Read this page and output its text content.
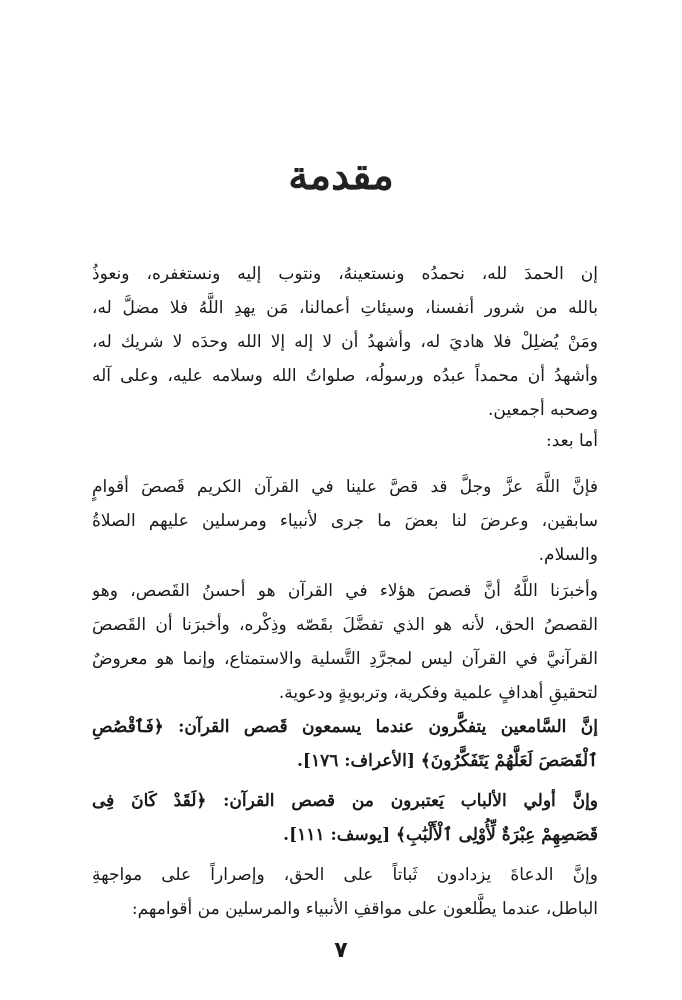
مقدمة
إن الحمدَ لله، نحمدُه ونستعينهُ، ونتوب إليه ونستغفره، ونعوذُ
بالله من شرور أنفسنا، وسيئاتِ أعمالنا، مَن يهدِ اللَّهُ فلا مضلَّ له،
ومَنْ يُضلِلْ فلا هاديَ له، وأشهدُ أن لا إله إلا الله وحدَه لا شريك له،
وأشهدُ أن محمداً عبدُه ورسولُه، صلواتُ الله وسلامه عليه، وعلى آله
وصحبه أجمعين.
أما بعد:
فإنَّ اللَّهَ عزَّ وجلَّ قد قصَّ علينا في القرآن الكريم قَصصَ أقوامٍ
سابقين، وعرضَ لنا بعضَ ما جرى لأنبياء ومرسلين عليهم الصلاةُ
والسلام.
وأخبرَنا اللَّهُ أنَّ قصصَ هؤلاء في القرآن هو أحسنُ القَصص، وهو
القصصُ الحق، لأنه هو الذي تفضَّلَ بقَصّه وذِكْره، وأخبرَنا أن القَصصَ
القرآنيَّ في القرآن ليس لمجرَّدِ التَّسلية والاستمتاع، وإنما هو معروضٌ
لتحقيقِ أهدافٍ علمية وفكرية، وتربويةٍ ودعوية.
إنَّ السَّامعين يتفكَّرون عندما يسمعون قَصص القرآن: ﴿فَٱقْصُصِ
ٱلْقَصَصَ لَعَلَّهُمْ يَتَفَكَّرُونَ﴾ [الأعراف: ١٧٦].
وإنَّ أولي الألباب يَعتبرون من قصص القرآن: ﴿لَقَدْ كَانَ فِى
قَصَصِهِمْ عِبْرَةٌ لِّأُوْلِى ٱلْأَلْبَٰبِ﴾ [يوسف: ١١١].
وإنَّ الدعاةَ يزدادون ثَباتاً على الحق، وإصراراً على مواجهةِ
الباطل، عندما يطَّلعون على مواقفِ الأنبياء والمرسلين من أقوامهم:
٧
